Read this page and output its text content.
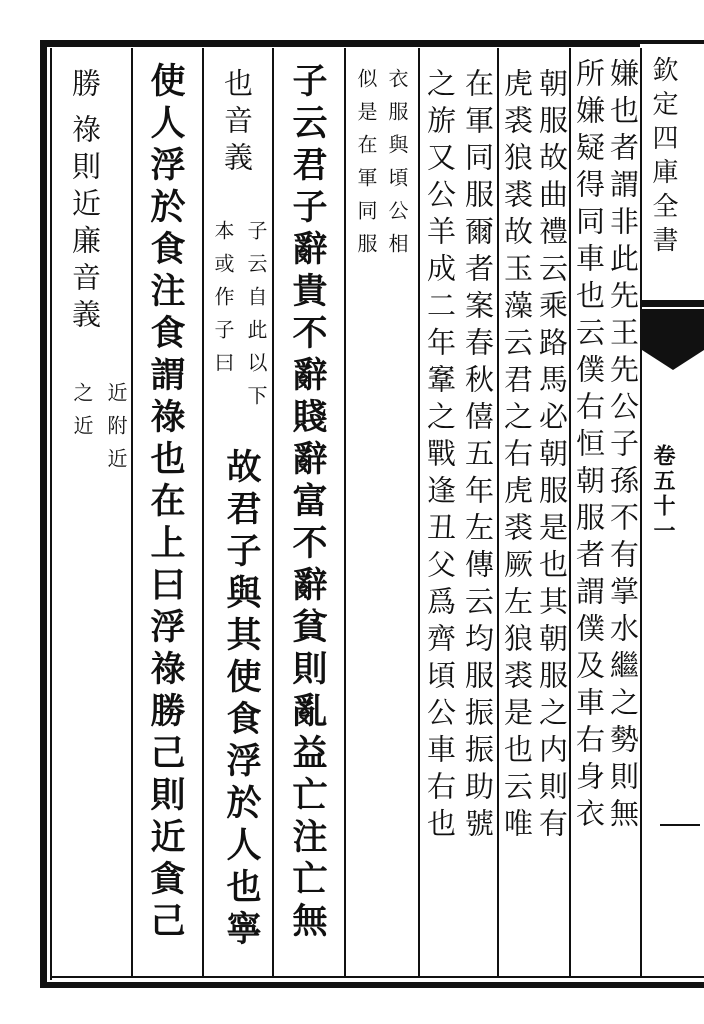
欽定四庫全書
卷五十一
嫌也者謂非此先王先公子孫不有掌水繼之勢則無
所嫌疑得同車也云僕右恒朝服者謂僕及車右身衣
朝服故曲禮云乘路馬必朝服是也其朝服之内則有
虎裘狼裘故玉藻云君之右虎裘厥左狼裘是也云唯
在軍同服爾者案春秋僖五年左傳云均服振振助號
之旂又公羊成二年鞌之戰逢丑父爲齊頃公車右也
衣服與頃公相
似是在軍同服
子云君子辭貴不辭賤辭富不辭貧則亂益亡注亡無
也音義
子云自此以下
本或作子曰
故君子與其使食浮於人也寧
使人浮於食注食謂祿也在上曰浮祿勝己則近貪己
勝
祿則近廉音義
近附近
之近
